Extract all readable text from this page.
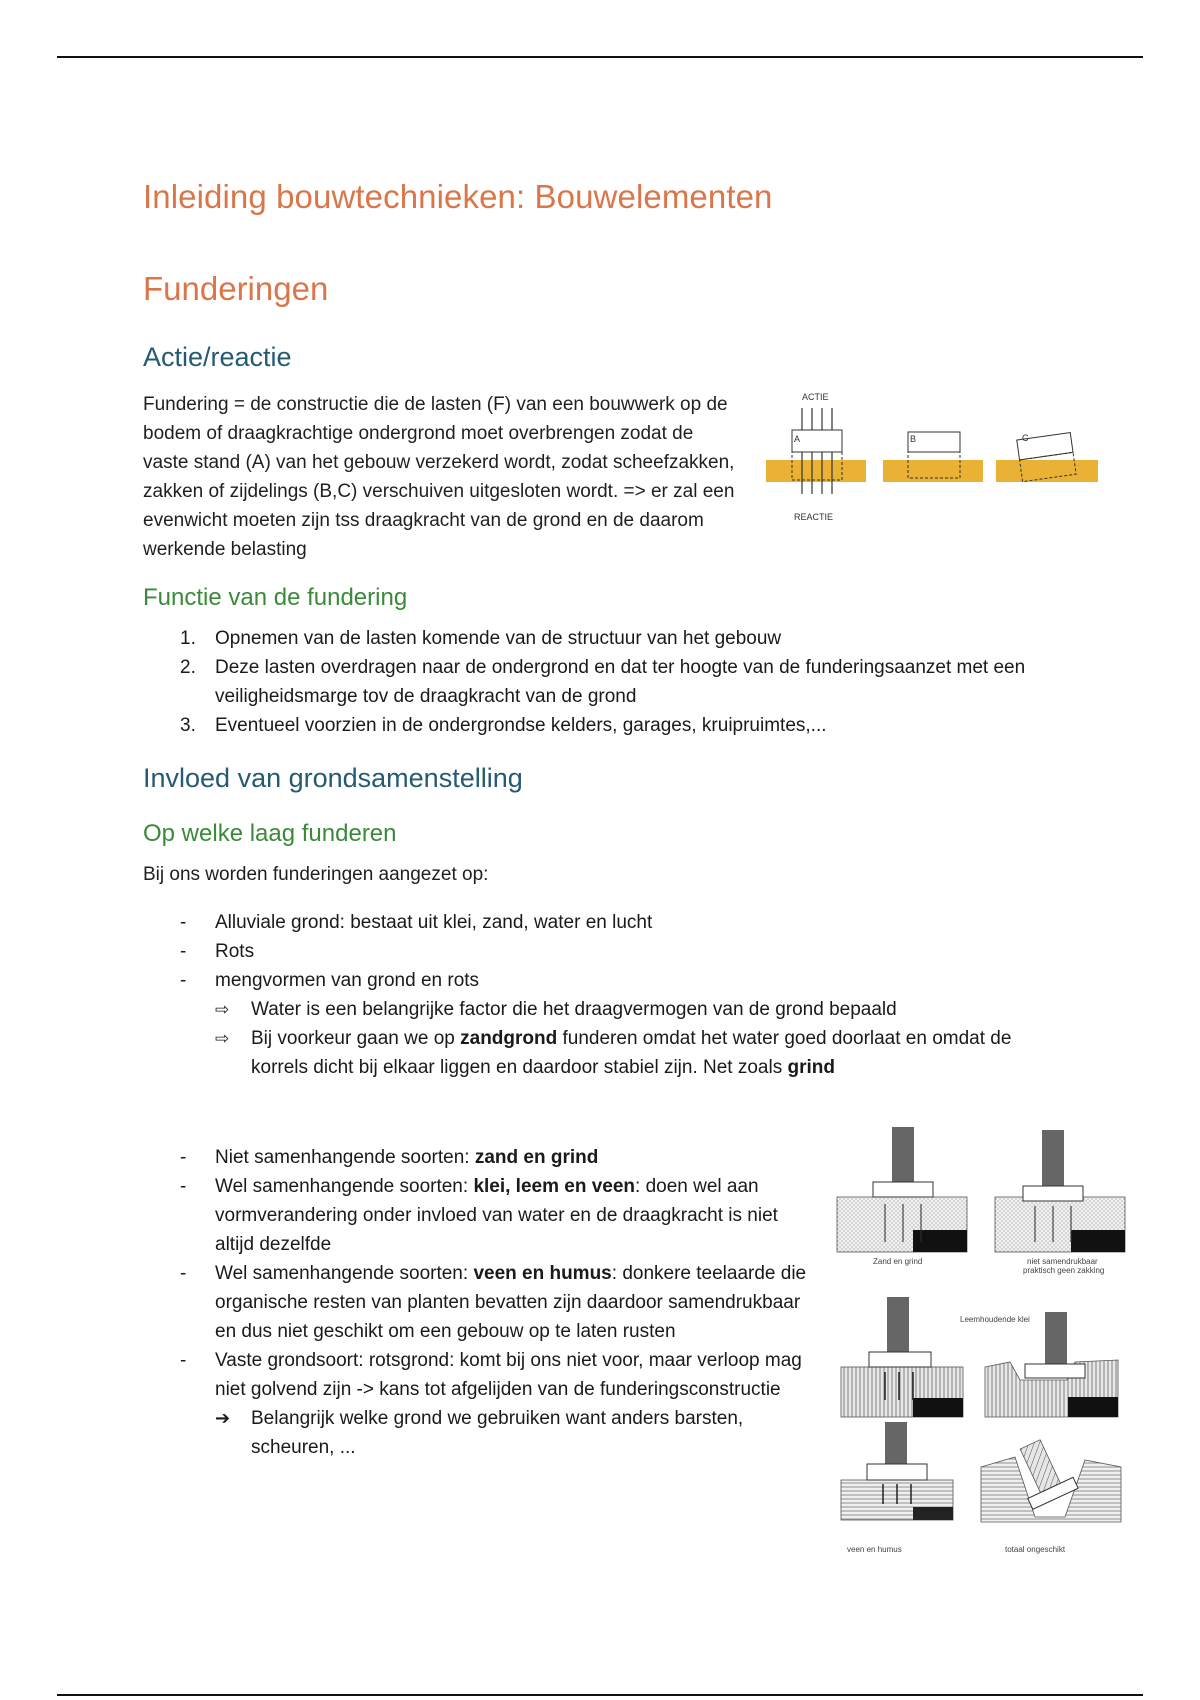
Inleiding bouwtechnieken: Bouwelementen
Funderingen
Actie/reactie

Fundering = de constructie die de lasten (F) van een bouwwerk op de bodem of draagkrachtige ondergrond moet overbrengen zodat de vaste stand (A) van het gebouw verzekerd wordt, zodat scheefzakken, zakken of zijdelings (B,C) verschuiven uitgesloten wordt. => er zal een evenwicht moeten zijn tss draagkracht van de grond en de daarom werkende belasting

ACTIE
A
REACTIE
B	C
Functie van de fundering
1. Opnemen van de lasten komende van de structuur van het gebouw
2. Deze lasten overdragen naar de ondergrond en dat ter hoogte van de funderingsaanzet met een veiligheidsmarge tov de draagkracht van de grond
3. Eventueel voorzien in de ondergrondse kelders, garages, kruipruimtes,...
Invloed van grondsamenstelling
Op welke laag funderen

Bij ons worden funderingen aangezet op:

- Alluviale grond: bestaat uit klei, zand, water en lucht
- Rots
- mengvormen van grond en rots
⇨ Water is een belangrijke factor die het draagvermogen van de grond bepaald
⇨ Bij voorkeur gaan we op zandgrond funderen omdat het water goed doorlaat en omdat de korrels dicht bij elkaar liggen en daardoor stabiel zijn. Net zoals grind
- Niet samenhangende soorten: zand en grind
- Wel samenhangende soorten: klei, leem en veen: doen wel aan vormverandering onder invloed van water en de draagkracht is niet altijd dezelfde
- Wel samenhangende soorten: veen en humus: donkere teelaarde die organische resten van planten bevatten zijn daardoor samendrukbaar en dus niet geschikt om een gebouw op te laten rusten
- Vaste grondsoort: rotsgrond: komt bij ons niet voor, maar verloop mag niet golvend zijn -> kans tot afgelijden van de funderingsconstructie
➔ Belangrijk welke grond we gebruiken want anders barsten, scheuren, ...
Zand en grind	niet samendrukbaar
praktisch geen zakking
Leemhoudende klei
veen en humus	totaal ongeschikt
